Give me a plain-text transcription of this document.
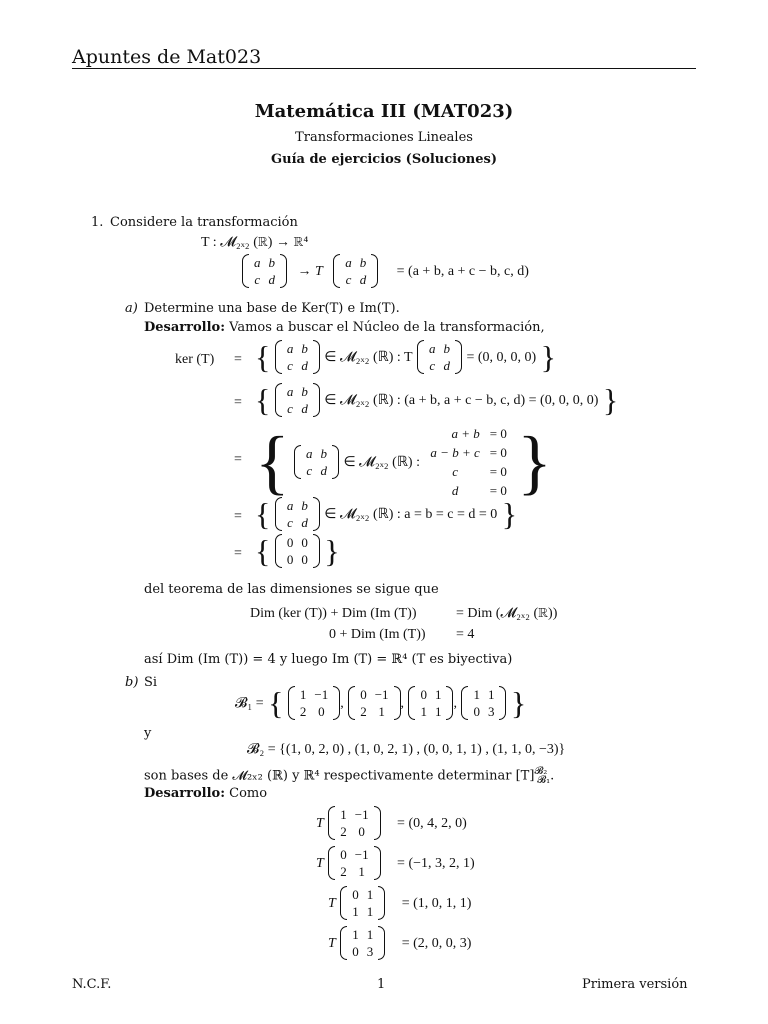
Apuntes de Mat023
Matemática III (MAT023)
Transformaciones Lineales
Guía de ejercicios (Soluciones)
1. Considere la transformación
T : 𝓜₂ₓ₂ (ℝ) → ℝ⁴
a	b
c	d
→ T
a	b
c	d
= (a + b, a + c − b, c, d)
a) Determine una base de Ker(T) e Im(T).
Desarrollo: Vamos a buscar el Núcleo de la transformación,
ker (T) = { a	b
c	d
∈ 𝓜₂ₓ₂ (ℝ) : T
a	b
c	d
= (0, 0, 0, 0) }
= { a	b
c	d
∈ 𝓜₂ₓ₂ (ℝ) : (a + b, a + c − b, c, d) = (0, 0, 0, 0) }
= { a	b
c	d
∈ 𝓜₂ₓ₂ (ℝ) :
a + b	= 0
a − b + c	= 0
c	= 0
d	= 0 }
= { a	b
c	d
∈ 𝓜₂ₓ₂ (ℝ) : a = b = c = d = 0 }
= { 0	0
0	0 }
del teorema de las dimensiones se sigue que
Dim (ker (T)) + Dim (Im (T))	= Dim (𝓜₂ₓ₂ (ℝ))
0 + Dim (Im (T)) = 4
así Dim (Im (T)) = 4 y luego Im (T) = ℝ⁴ (T es biyectiva)
b) Si
𝓑₁ = { 1	−1
2	0
,
0	−1
2	1
,
0	1
1	1
,
1	1
0	3 }
y
𝓑₂ = {(1, 0, 2, 0) , (1, 0, 2, 1) , (0, 0, 1, 1) , (1, 1, 0, −3)}
son bases de 𝓜₂ₓ₂ (ℝ) y ℝ⁴ respectivamente determinar $[T]^{𝓑_2}_{𝓑_1}$.
Desarrollo: Como
T
1	−1
2	0
= (0, 4, 2, 0)
T
0	−1
2	1
= (−1, 3, 2, 1)
T
0	1
1	1
= (1, 0, 1, 1)
T
1	1
0	3
= (2, 0, 0, 3)
N.C.F.	1	Primera versión
